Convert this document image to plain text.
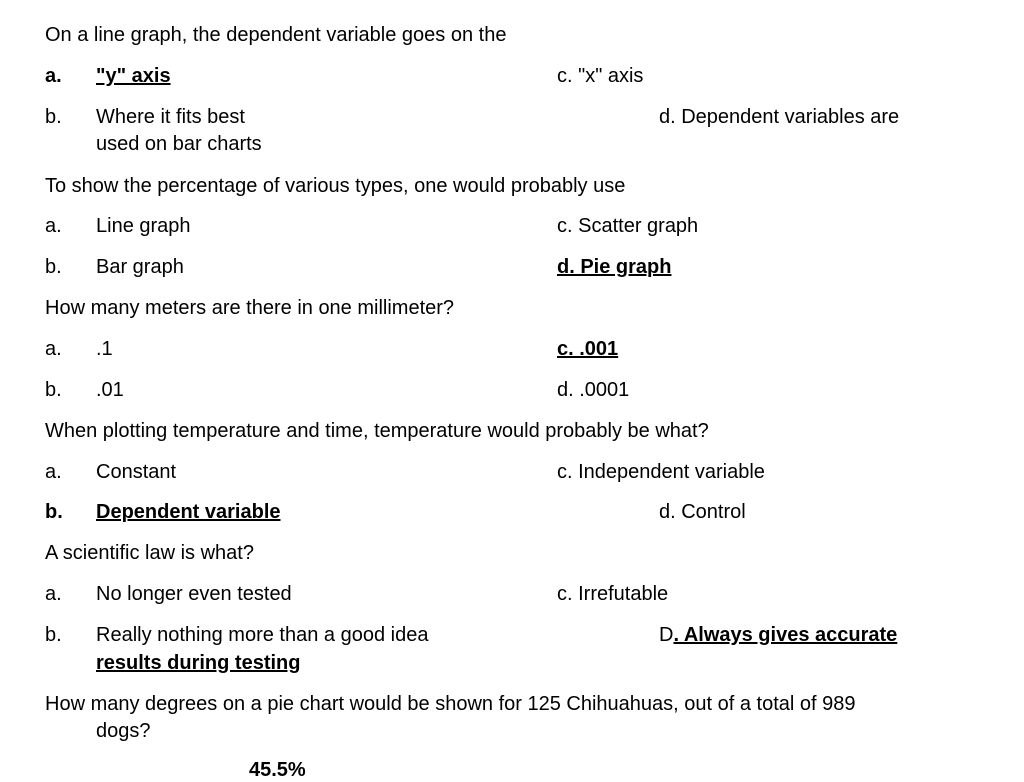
On a line graph, the dependent variable goes on the
a. "y" axis	c. "x" axis
b. Where it fits best	d. Dependent variables are
used on bar charts
To show the percentage of various types, one would probably use
a. Line graph	c. Scatter graph
b. Bar graph	d. Pie graph
How many meters are there in one millimeter?
a. .1	c. .001
b. .01	d. .0001
When plotting temperature and time, temperature would probably be what?
a. Constant	c. Independent variable
b. Dependent variable	d. Control
A scientific law is what?
a. No longer even tested	c. Irrefutable
b. Really nothing more than a good idea	D. Always gives accurate
results during testing
How many degrees on a pie chart would be shown for 125 Chihuahuas, out of a total of 989
dogs?
45.5%
